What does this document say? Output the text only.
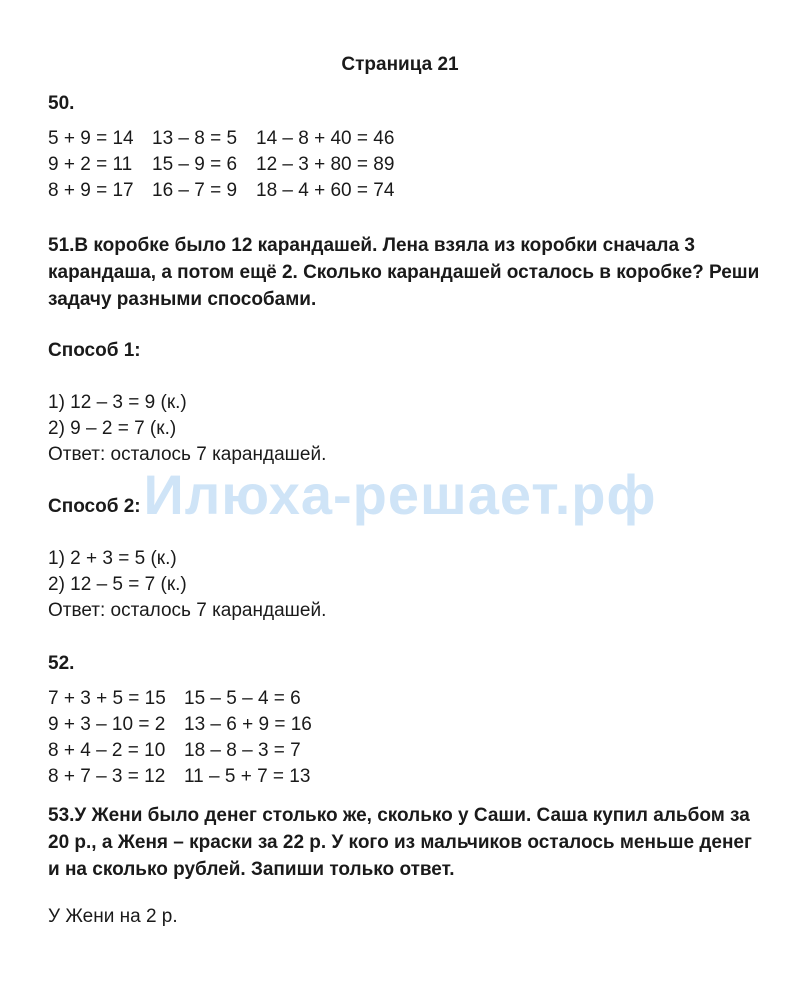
Страница 21
50.
5 + 9 = 14
9 + 2 = 11
8 + 9 = 17
13 – 8 = 5
15 – 9 = 6
16 – 7 = 9
14 – 8 + 40 = 46
12 – 3 + 80 = 89
18 – 4 + 60 = 74
51.В коробке было 12 карандашей. Лена взяла из коробки сначала 3 карандаша, а потом ещё 2. Сколько карандашей осталось в коробке? Реши задачу разными способами.
Способ 1:
1) 12 – 3 = 9 (к.)
2) 9 – 2 = 7 (к.)
Ответ: осталось 7 карандашей.
Способ 2:
1) 2 + 3 = 5 (к.)
2) 12 – 5 = 7 (к.)
Ответ: осталось 7 карандашей.
52.
7 + 3 + 5 = 15
9 + 3 – 10 = 2
8 + 4 – 2 = 10
8 + 7 – 3 = 12
15 – 5 – 4 = 6
13 – 6 + 9 = 16
18 – 8 – 3 = 7
11 – 5 + 7 = 13
53.У Жени было денег столько же, сколько у Саши. Саша купил альбом за 20 р., а Женя – краски за 22 р. У кого из мальчиков осталось меньше денег и на сколько рублей. Запиши только ответ.
У Жени на 2 р.
Илюха-решает.рф
